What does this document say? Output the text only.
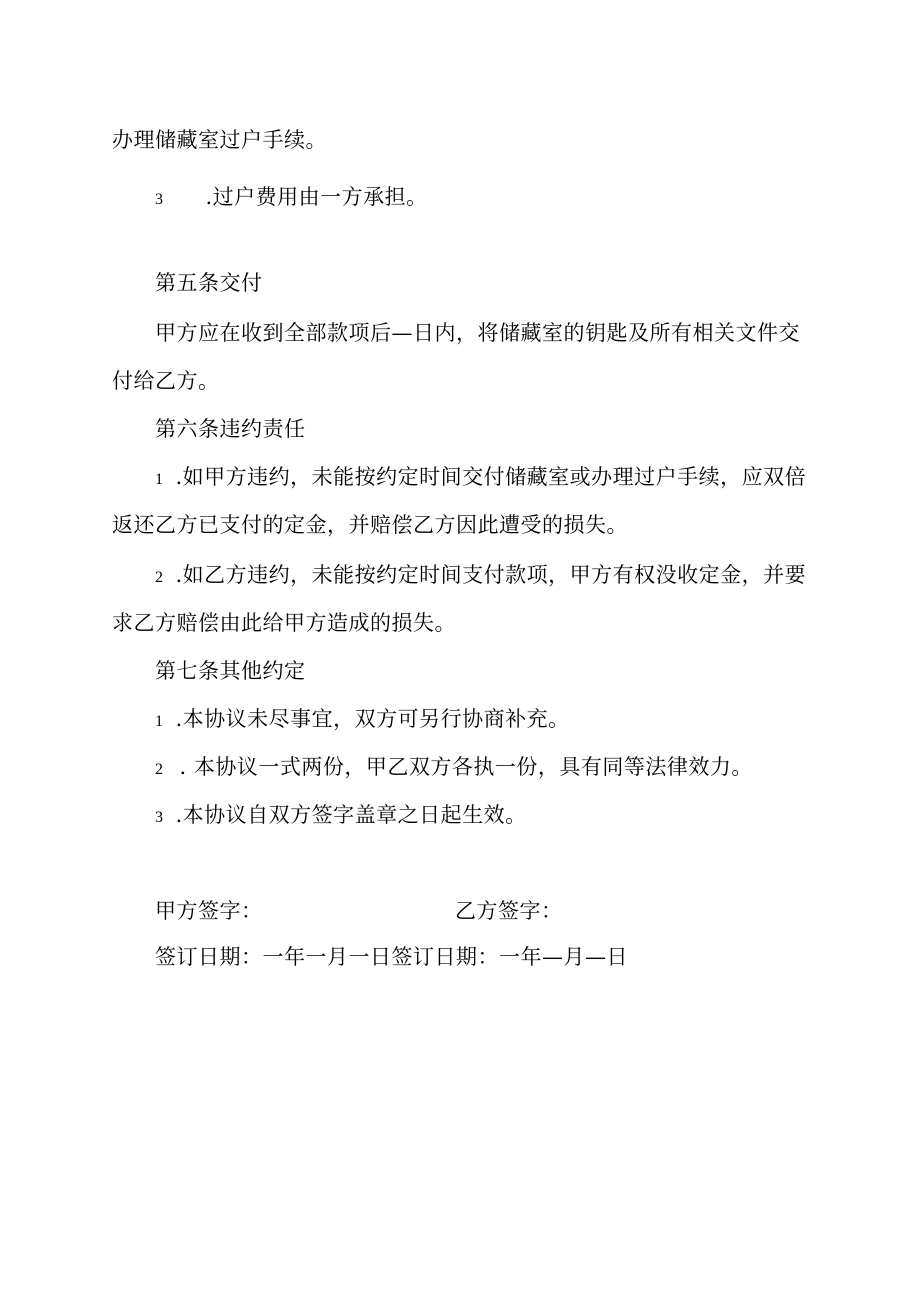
办理储藏室过户手续。
3 .过户费用由一方承担。
第五条交付
甲方应在收到全部款项后—日内，将储藏室的钥匙及所有相关文件交
付给乙方。
第六条违约责任
1 .如甲方违约，未能按约定时间交付储藏室或办理过户手续，应双倍
返还乙方已支付的定金，并赔偿乙方因此遭受的损失。
2 .如乙方违约，未能按约定时间支付款项，甲方有权没收定金，并要
求乙方赔偿由此给甲方造成的损失。
第七条其他约定
1 .本协议未尽事宜，双方可另行协商补充。
2 . 本协议一式两份，甲乙双方各执一份，具有同等法律效力。
3 .本协议自双方签字盖章之日起生效。
甲方签字：	乙方签字：
签订日期：一年一月一日签订日期：一年—月—日
